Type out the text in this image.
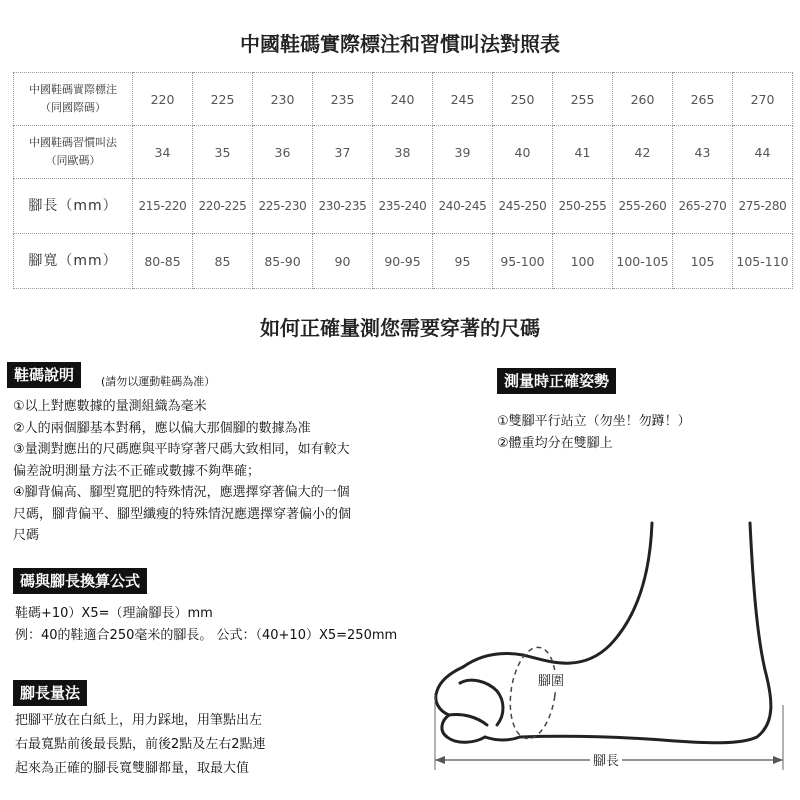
中國鞋碼實際標注和習慣叫法對照表
中國鞋碼實際標注
（同國際碼）	220	225	230	235	240	245	250	255	260	265	270

中國鞋碼習慣叫法
（同歐碼）	34	35	36	37	38	39	40	41	42	43	44

腳長（mm）	215-220	220-225	225-230	230-235	235-240	240-245	245-250	250-255	255-260	265-270	275-280

腳寬（mm）	80-85	85	85-90	90	90-95	95	95-100	100	100-105	105	105-110
如何正確量測您需要穿著的尺碼
鞋碼說明	(請勿以運動鞋碼為准）
①以上對應數據的量測組織為毫米
②人的兩個腳基本對稱，應以偏大那個腳的數據為准
③量測對應出的尺碼應與平時穿著尺碼大致相同，如有較大
偏差說明測量方法不正確或數據不夠準確；
④腳背偏高、腳型寬肥的特殊情況，應選擇穿著偏大的一個
尺碼，腳背偏平、腳型纖瘦的特殊情況應選擇穿著偏小的個
尺碼
測量時正確姿勢
①雙腳平行站立（勿坐！勿蹲！）
②體重均分在雙腳上
碼與腳長換算公式
鞋碼+10）X5=（理論腳長）mm
例：40的鞋適合250毫米的腳長。 公式：（40+10）X5=250mm
腳長量法
把腳平放在白紙上，用力踩地，用筆點出左
右最寬點前後最長點，前後2點及左右2點連
起來為正確的腳長寬雙腳都量，取最大值
腳圍
腳長
